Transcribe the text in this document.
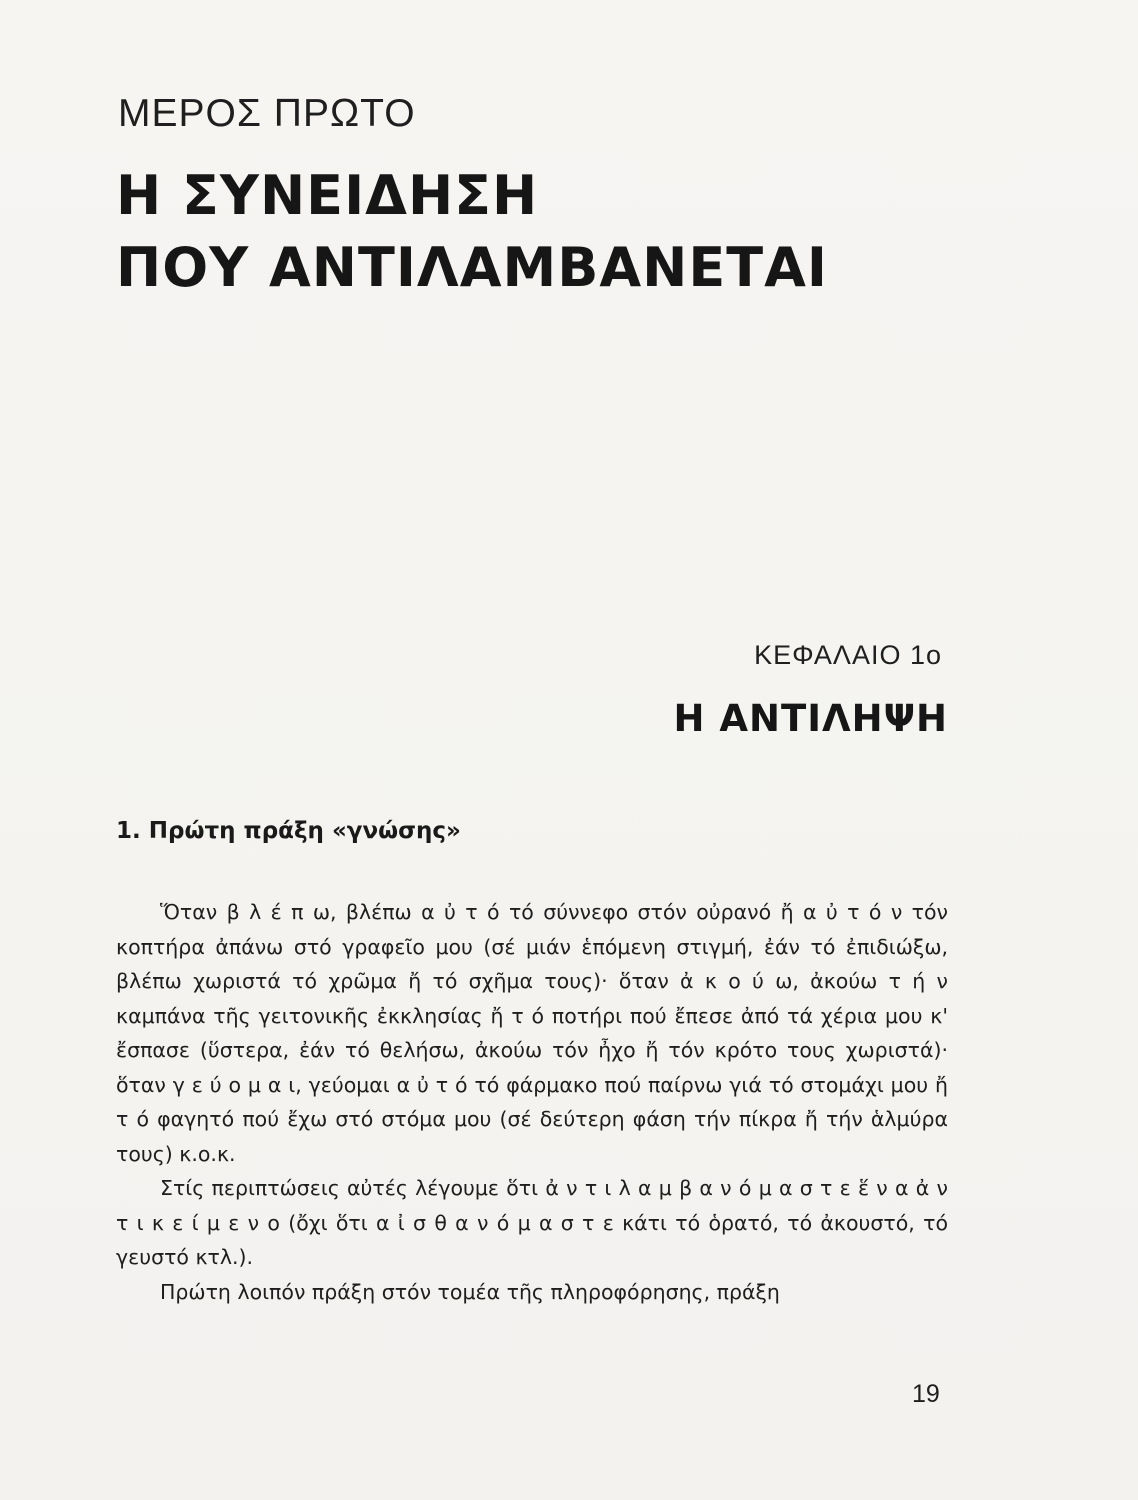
ΜΕΡΟΣ ΠΡΩΤΟ
Η ΣΥΝΕΙΔΗΣΗ
ΠΟΥ ΑΝΤΙΛΑΜΒΑΝΕΤΑΙ
ΚΕΦΑΛΑΙΟ 1ο
Η ΑΝΤΙΛΗΨΗ
1. Πρώτη πράξη «γνώσης»

Ὅταν β λ έ π ω, βλέπω α ὐ τ ό τό σύννεφο στόν οὐρανό ἤ α ὐ τ ό ν τόν κοπτήρα ἀπάνω στό γραφεῖο μου (σέ μιάν ἑπόμενη στιγμή, ἐάν τό ἐπιδιώξω, βλέπω χωριστά τό χρῶμα ἤ τό σχῆμα τους)· ὅταν ἀ κ ο ύ ω, ἀκούω τ ή ν καμπάνα τῆς γειτονικῆς ἐκκλησίας ἤ τ ό ποτήρι πού ἔπεσε ἀπό τά χέρια μου κ' ἔσπασε (ὕστερα, ἐάν τό θελήσω, ἀκούω τόν ἦχο ἤ τόν κρότο τους χωριστά)· ὅταν γ ε ύ ο μ α ι, γεύομαι α ὐ τ ό τό φάρμακο πού παίρνω γιά τό στομάχι μου ἤ τ ό φαγητό πού ἔχω στό στόμα μου (σέ δεύτερη φάση τήν πίκρα ἤ τήν ἁλμύρα τους) κ.ο.κ.

Στίς περιπτώσεις αὐτές λέγουμε ὅτι ἀ ν τ ι λ α μ β α ν ό μ α σ τ ε ἕ ν α ἀ ν τ ι κ ε ί μ ε ν ο (ὄχι ὅτι α ἰ σ θ α ν ό μ α σ τ ε κάτι τό ὁρατό, τό ἀκουστό, τό γευστό κτλ.).

Πρώτη λοιπόν πράξη στόν τομέα τῆς πληροφόρησης, πράξη

19
